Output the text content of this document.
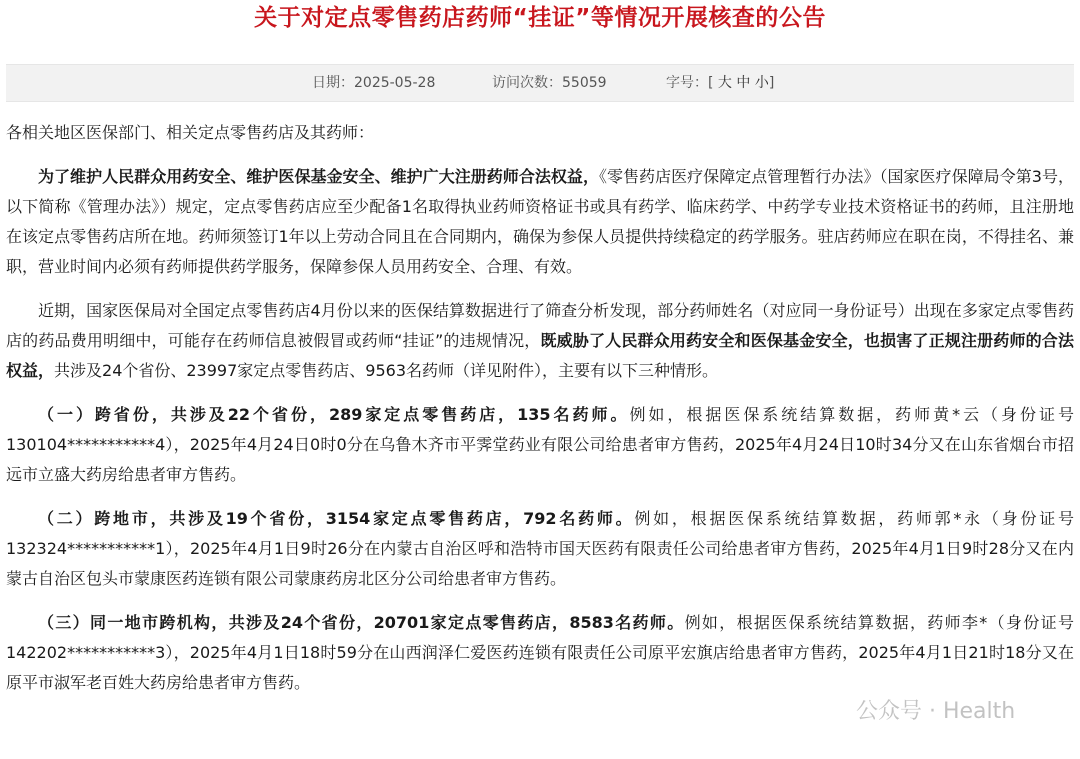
关于对定点零售药店药师“挂证”等情况开展核查的公告
日期：2025-05-28	访问次数：55059	字号：[ 大 中 小]

各相关地区医保部门、相关定点零售药店及其药师：

为了维护人民群众用药安全、维护医保基金安全、维护广大注册药师合法权益，《零售药店医疗保障定点管理暂行办法》（国家医疗保障局令第3号，以下简称《管理办法》）规定，定点零售药店应至少配备1名取得执业药师资格证书或具有药学、临床药学、中药学专业技术资格证书的药师，且注册地在该定点零售药店所在地。药师须签订1年以上劳动合同且在合同期内，确保为参保人员提供持续稳定的药学服务。驻店药师应在职在岗，不得挂名、兼职，营业时间内必须有药师提供药学服务，保障参保人员用药安全、合理、有效。

近期，国家医保局对全国定点零售药店4月份以来的医保结算数据进行了筛查分析发现，部分药师姓名（对应同一身份证号）出现在多家定点零售药店的药品费用明细中，可能存在药师信息被假冒或药师“挂证”的违规情况，既威胁了人民群众用药安全和医保基金安全，也损害了正规注册药师的合法权益，共涉及24个省份、23997家定点零售药店、9563名药师（详见附件），主要有以下三种情形。

（一）跨省份，共涉及22个省份，289家定点零售药店，135名药师。例如，根据医保系统结算数据，药师黄*云（身份证号130104***********4），2025年4月24日0时0分在乌鲁木齐市平霁堂药业有限公司给患者审方售药，2025年4月24日10时34分又在山东省烟台市招远市立盛大药房给患者审方售药。

（二）跨地市，共涉及19个省份，3154家定点零售药店，792名药师。例如，根据医保系统结算数据，药师郭*永（身份证号132324***********1），2025年4月1日9时26分在内蒙古自治区呼和浩特市国天医药有限责任公司给患者审方售药，2025年4月1日9时28分又在内蒙古自治区包头市蒙康医药连锁有限公司蒙康药房北区分公司给患者审方售药。

（三）同一地市跨机构，共涉及24个省份，20701家定点零售药店，8583名药师。例如，根据医保系统结算数据，药师李*（身份证号142202***********3），2025年4月1日18时59分在山西润泽仁爱医药连锁有限责任公司原平宏旗店给患者审方售药，2025年4月1日21时18分又在原平市淑军老百姓大药房给患者审方售药。

公众号 · Health
